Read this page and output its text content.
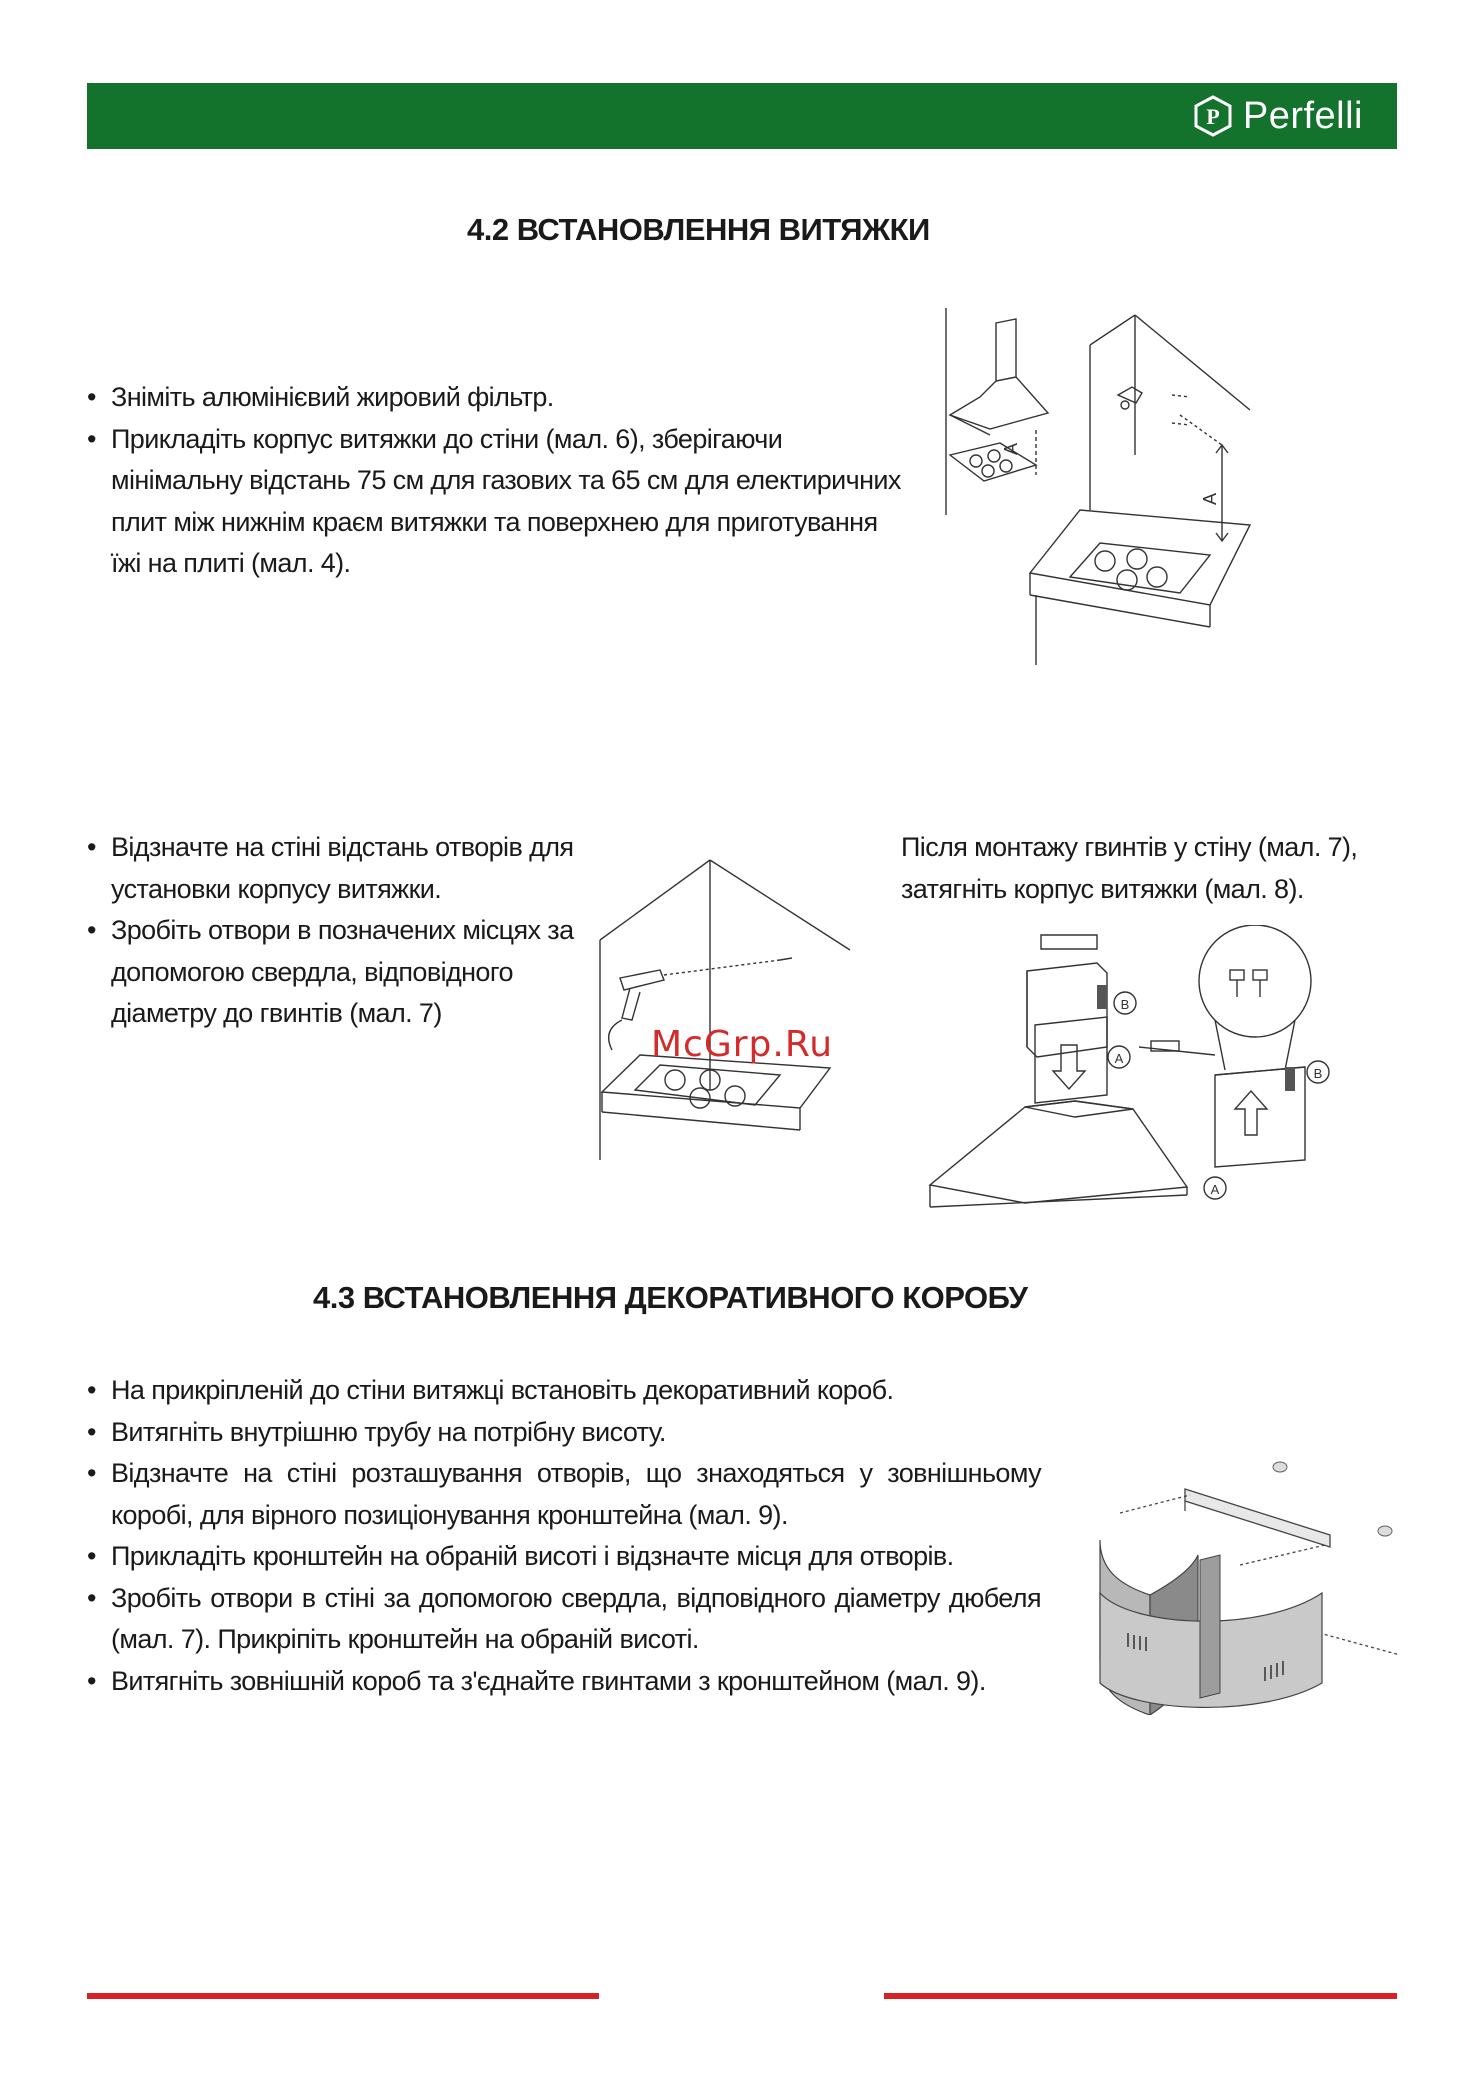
P Perfelli
4.2 ВСТАНОВЛЕННЯ ВИТЯЖКИ
• Зніміть алюмінієвий жировий фільтр.
• Прикладіть корпус витяжки до стіни (мал. 6), зберігаючи мінімальну відстань 75 см для газових та 65 см для електиричних плит між нижнім краєм витяжки та поверхнею для приготування їжі на плиті (мал. 4).
A
A
• Відзначте на стіні відстань отворів для установки корпусу витяжки.
• Зробіть отвори в позначених місцях за допомогою свердла, відповідного діаметру до гвинтів (мал. 7)
Після монтажу гвинтів у стіну (мал. 7), затягніть корпус витяжки (мал. 8).
B
A
B
A
McGrp.Ru
4.3 ВСТАНОВЛЕННЯ ДЕКОРАТИВНОГО КОРОБУ
• На прикріпленій до стіни витяжці встановіть декоративний короб.
• Витягніть внутрішню трубу на потрібну висоту.
• Відзначте на стіні розташування отворів, що знаходяться у зовнішньому коробі, для вірного позиціонування кронштейна (мал. 9).
• Прикладіть кронштейн на обраній висоті і відзначте місця для отворів.
• Зробіть отвори в стіні за допомогою свердла, відповідного діаметру дюбеля (мал. 7). Прикріпіть кронштейн на обраній висоті.
• Витягніть зовнішній короб та з'єднайте гвинтами з кронштейном (мал. 9).
